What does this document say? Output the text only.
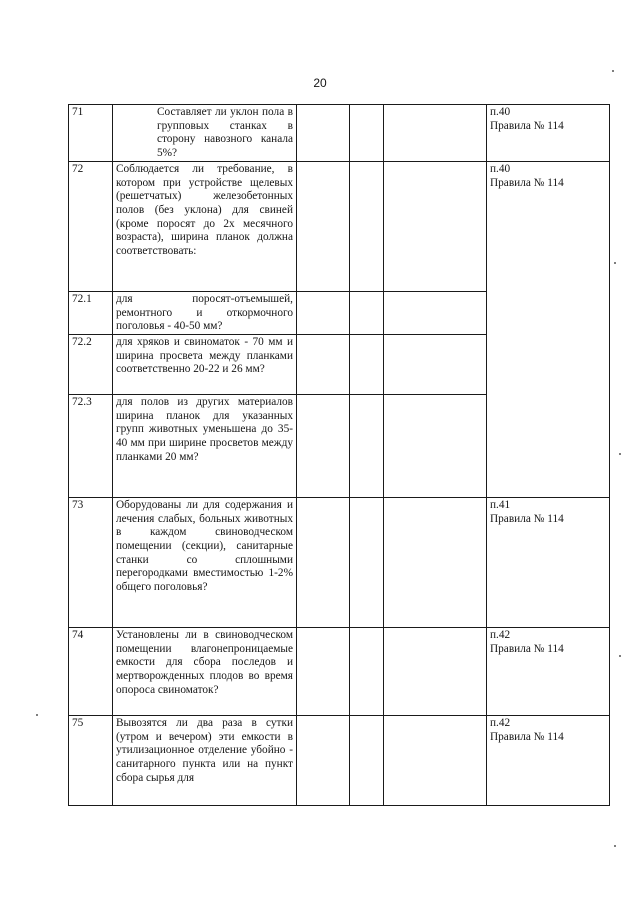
20
71	Составляет ли уклон пола в групповых станках в сторону навозного канала 5%?				п.40
Правила № 114

72	Соблюдается ли требование, в котором при устройстве щелевых (решетчатых) железобетонных полов (без уклона) для свиней (кроме поросят до 2х месячного возраста), ширина планок должна соответствовать:				п.40
Правила № 114

72.1	для поросят-отъемышей, ремонтного и откормочного поголовья - 40-50 мм?				

72.2	для хряков и свиноматок - 70 мм и ширина просвета между планками соответственно 20-22 и 26 мм?				

72.3	для полов из других материалов ширина планок для указанных групп животных уменьшена до 35-40 мм при ширине просветов между планками 20 мм?				

73	Оборудованы ли для содержания и лечения слабых, больных животных в каждом свиноводческом помещении (секции), санитарные станки со сплошными перегородками вместимостью 1-2% общего поголовья?				п.41
Правила № 114

74	Установлены ли в свиноводческом помещении влагонепроницаемые емкости для сбора последов и мертворожденных плодов во время опороса свиноматок?				п.42
Правила № 114

75	Вывозятся ли два раза в сутки (утром и вечером) эти емкости в утилизационное отделение убойно - санитарного пункта или на пункт сбора сырья для				п.42
Правила № 114
